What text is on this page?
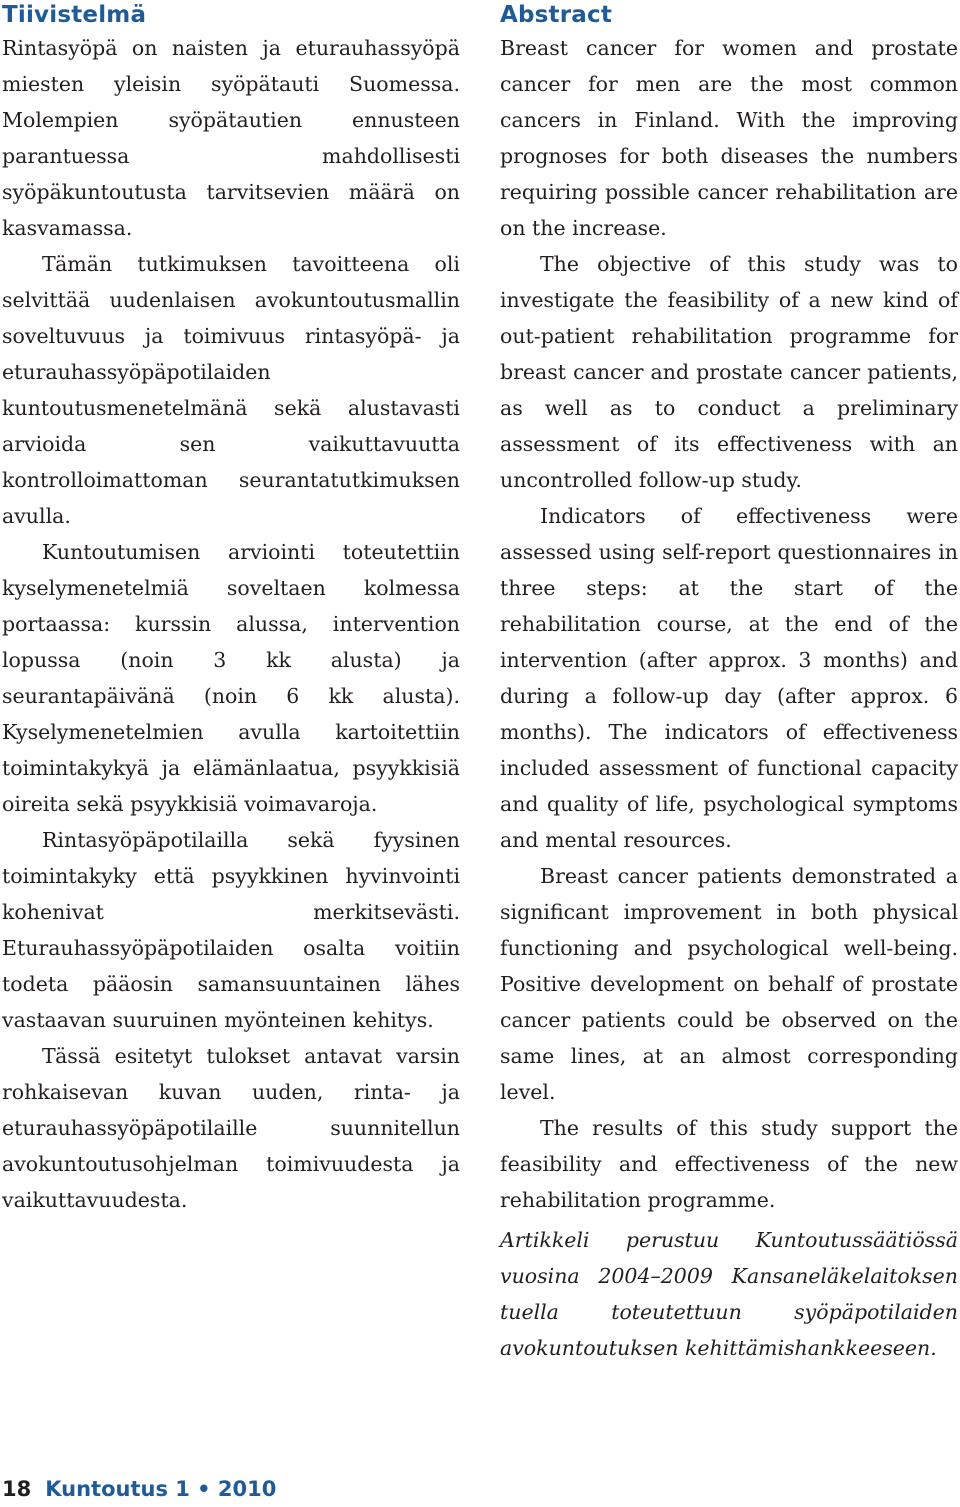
Tiivistelmä

Rintasyöpä on naisten ja eturauhassyöpä miesten yleisin syöpätauti Suomessa. Molempien syöpätautien ennusteen parantuessa mahdollisesti syöpäkuntoutusta tarvitsevien määrä on kasvamassa.

Tämän tutkimuksen tavoitteena oli selvittää uudenlaisen avokuntoutusmallin soveltuvuus ja toimivuus rintasyöpä- ja eturauhassyöpäpotilaiden kuntoutusmenetelmänä sekä alustavasti arvioida sen vaikuttavuutta kontrolloimattoman seurantatutkimuksen avulla.

Kuntoutumisen arviointi toteutettiin kyselymenetelmiä soveltaen kolmessa portaassa: kurssin alussa, intervention lopussa (noin 3 kk alusta) ja seurantapäivänä (noin 6 kk alusta). Kyselymenetelmien avulla kartoitettiin toimintakykyä ja elämänlaatua, psyykkisiä oireita sekä psyykkisiä voimavaroja.

Rintasyöpäpotilailla sekä fyysinen toimintakyky että psyykkinen hyvinvointi kohenivat merkitsevästi. Eturauhassyöpäpotilaiden osalta voitiin todeta pääosin samansuuntainen lähes vastaavan suuruinen myönteinen kehitys.

Tässä esitetyt tulokset antavat varsin rohkaisevan kuvan uuden, rinta- ja eturauhassyöpäpotilaille suunnitellun avokuntoutusohjelman toimivuudesta ja vaikuttavuudesta.

Abstract

Breast cancer for women and prostate cancer for men are the most common cancers in Finland. With the improving prognoses for both diseases the numbers requiring possible cancer rehabilitation are on the increase.

The objective of this study was to investigate the feasibility of a new kind of out-patient rehabilitation programme for breast cancer and prostate cancer patients, as well as to conduct a preliminary assessment of its effectiveness with an uncontrolled follow-up study.

Indicators of effectiveness were assessed using self-report questionnaires in three steps: at the start of the rehabilitation course, at the end of the intervention (after approx. 3 months) and during a follow-up day (after approx. 6 months). The indicators of effectiveness included assessment of functional capacity and quality of life, psychological symptoms and mental resources.

Breast cancer patients demonstrated a significant improvement in both physical functioning and psychological well-being. Positive development on behalf of prostate cancer patients could be observed on the same lines, at an almost corresponding level.

The results of this study support the feasibility and effectiveness of the new rehabilitation programme.

Artikkeli perustuu Kuntoutussäätiössä vuosina 2004–2009 Kansaneläkelaitoksen tuella toteutettuun syöpäpotilaiden avokuntoutuksen kehittämishankkeeseen.

18 Kuntoutus 1 • 2010
